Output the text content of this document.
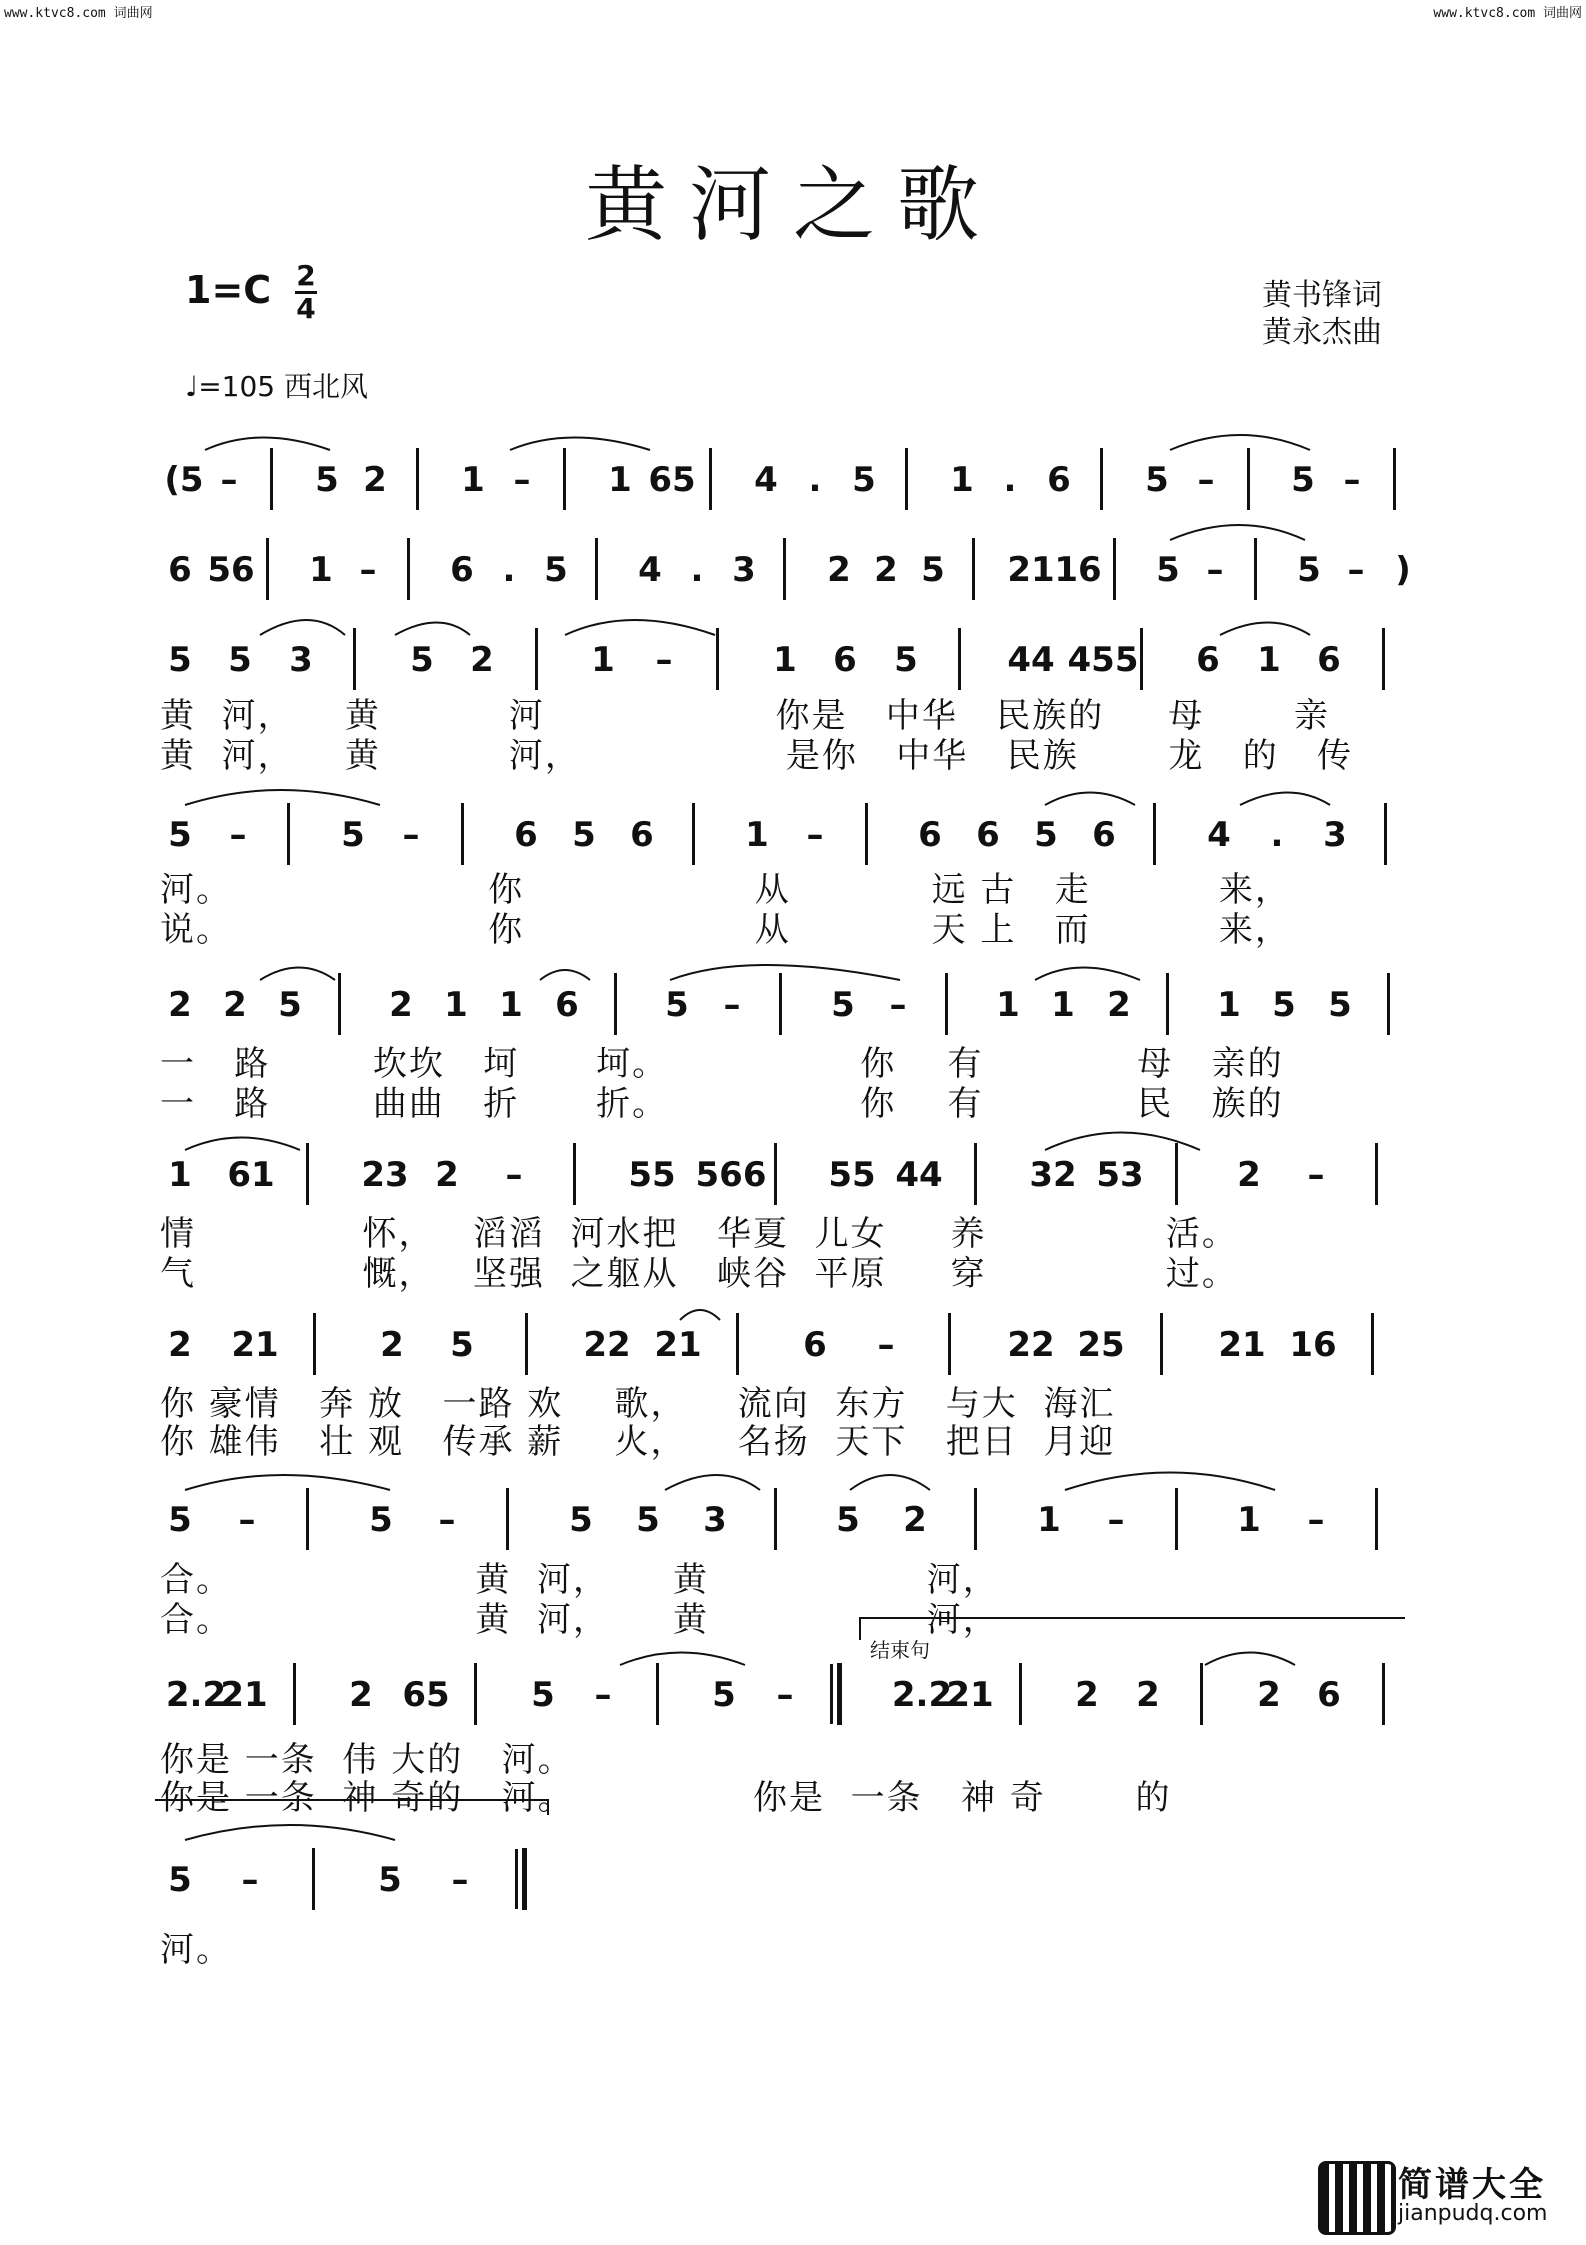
www.ktvc8.com 词曲网	www.ktvc8.com 词曲网
黄河之歌
1=C 2
4	黄书锋词
黄永杰曲
♩=105 西北风
(5 –	5 2 1 –	1 65 4 . 5 1 . 6 5 –	5 –
6 56 1 –	6 . 5 4 . 3 2 2 5 21 16 5 –	5 – )
5 5 3	5 2	1	–	1 6 5	44 455 6 1 6
5	–	5	–	6 5 6	1	–	6 6 5 6	4	.	3
2 2 5	2 1 1 6	5	–	5	–	1 1 2	1 5 5
1 61	23 2	–	55 566 55 44	32 53	2	–
2 21	2 5	22 21	6	–	22 25	21 16
5	–	5	–	5 5 3	5 2	1	–	1	–
2.2
21 2 65 5	–	5	–	2.2
21 2 2	2 6
5	–	5	–
黄  河，    黄          河                  你是   中华   民族的     母       亲
黄  河，    黄          河，                是你   中华   民族       龙   的   传
河。                    你                  从           远 古   走          来，
说。                    你                  从           天 上   而          来，
一   路        坎坎   坷      坷。               你    有            母   亲的
一   路        曲曲   折      折。               你    有            民   族的
情             怀，   滔滔  河水把   华夏  儿女     养              活。
气             慨，   坚强  之躯从   峡谷  平原     穿              过。
你 豪情   奔 放   一路 欢    歌，    流向  东方   与大  海汇
你 雄伟   壮 观   传承 薪    火，    名扬  天下   把日  月迎
合。                   黄  河，     黄                 河，
合。                   黄  河，     黄                 河，
结束句
你是 一条  伟 大的   河。
你是 一条  神 奇的   河。              你是  一条   神 奇       的
河。
简谱大全
jianpudq.com
